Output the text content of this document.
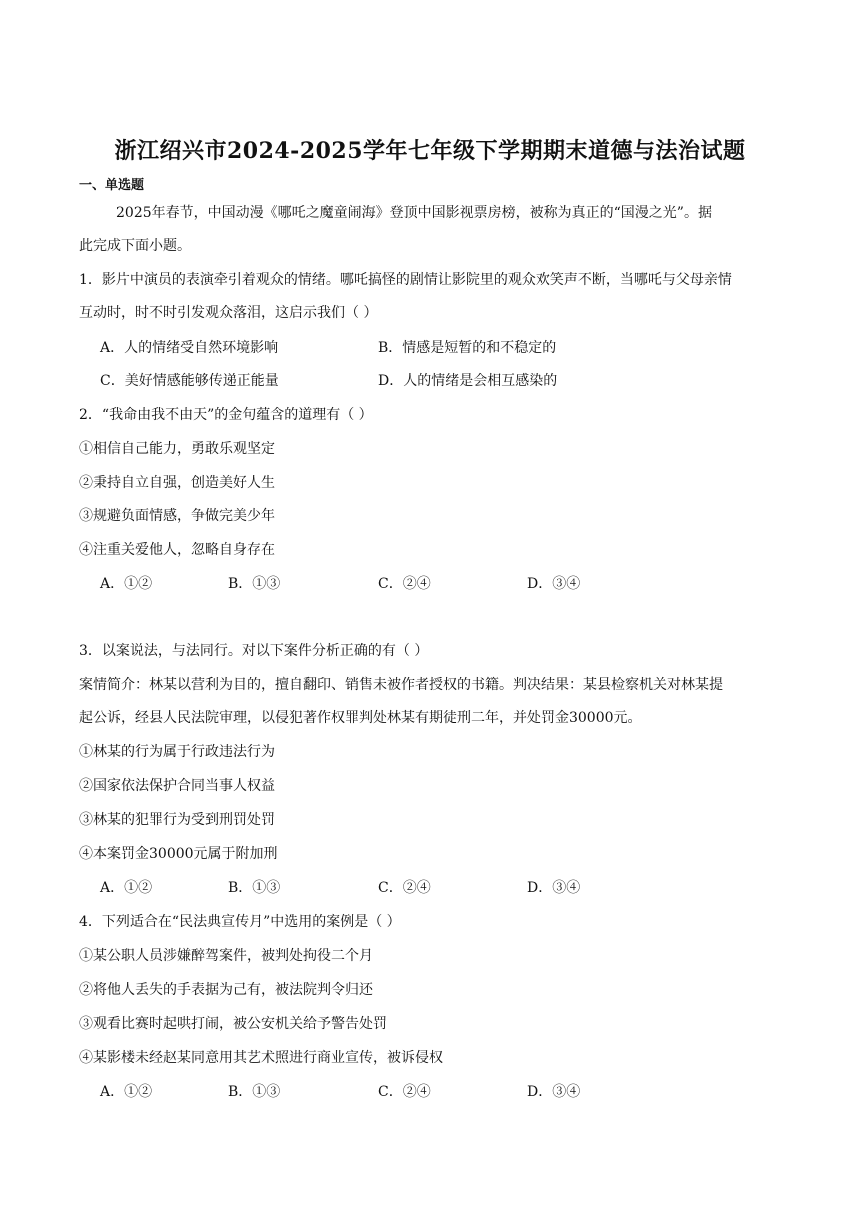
浙江绍兴市2024-2025学年七年级下学期期末道德与法治试题
一、单选题
2025年春节，中国动漫《哪吒之魔童闹海》登顶中国影视票房榜，被称为真正的“国漫之光”。据
此完成下面小题。
1．影片中演员的表演牵引着观众的情绪。哪吒搞怪的剧情让影院里的观众欢笑声不断，当哪吒与父母亲情
互动时，时不时引发观众落泪，这启示我们（ ）
A．人的情绪受自然环境影响	B．情感是短暂的和不稳定的
C．美好情感能够传递正能量	D．人的情绪是会相互感染的
2．“我命由我不由天”的金句蕴含的道理有（ ）
①相信自己能力，勇敢乐观坚定
②秉持自立自强，创造美好人生
③规避负面情感，争做完美少年
④注重关爱他人，忽略自身存在
A．①②	B．①③	C．②④	D．③④
3．以案说法，与法同行。对以下案件分析正确的有（ ）
案情简介：林某以营利为目的，擅自翻印、销售未被作者授权的书籍。判决结果：某县检察机关对林某提
起公诉，经县人民法院审理，以侵犯著作权罪判处林某有期徒刑二年，并处罚金30000元。
①林某的行为属于行政违法行为
②国家依法保护合同当事人权益
③林某的犯罪行为受到刑罚处罚
④本案罚金30000元属于附加刑
A．①②	B．①③	C．②④	D．③④
4．下列适合在“民法典宣传月”中选用的案例是（ ）
①某公职人员涉嫌醉驾案件，被判处拘役二个月
②将他人丢失的手表据为己有，被法院判令归还
③观看比赛时起哄打闹，被公安机关给予警告处罚
④某影楼未经赵某同意用其艺术照进行商业宣传，被诉侵权
A．①②	B．①③	C．②④	D．③④
